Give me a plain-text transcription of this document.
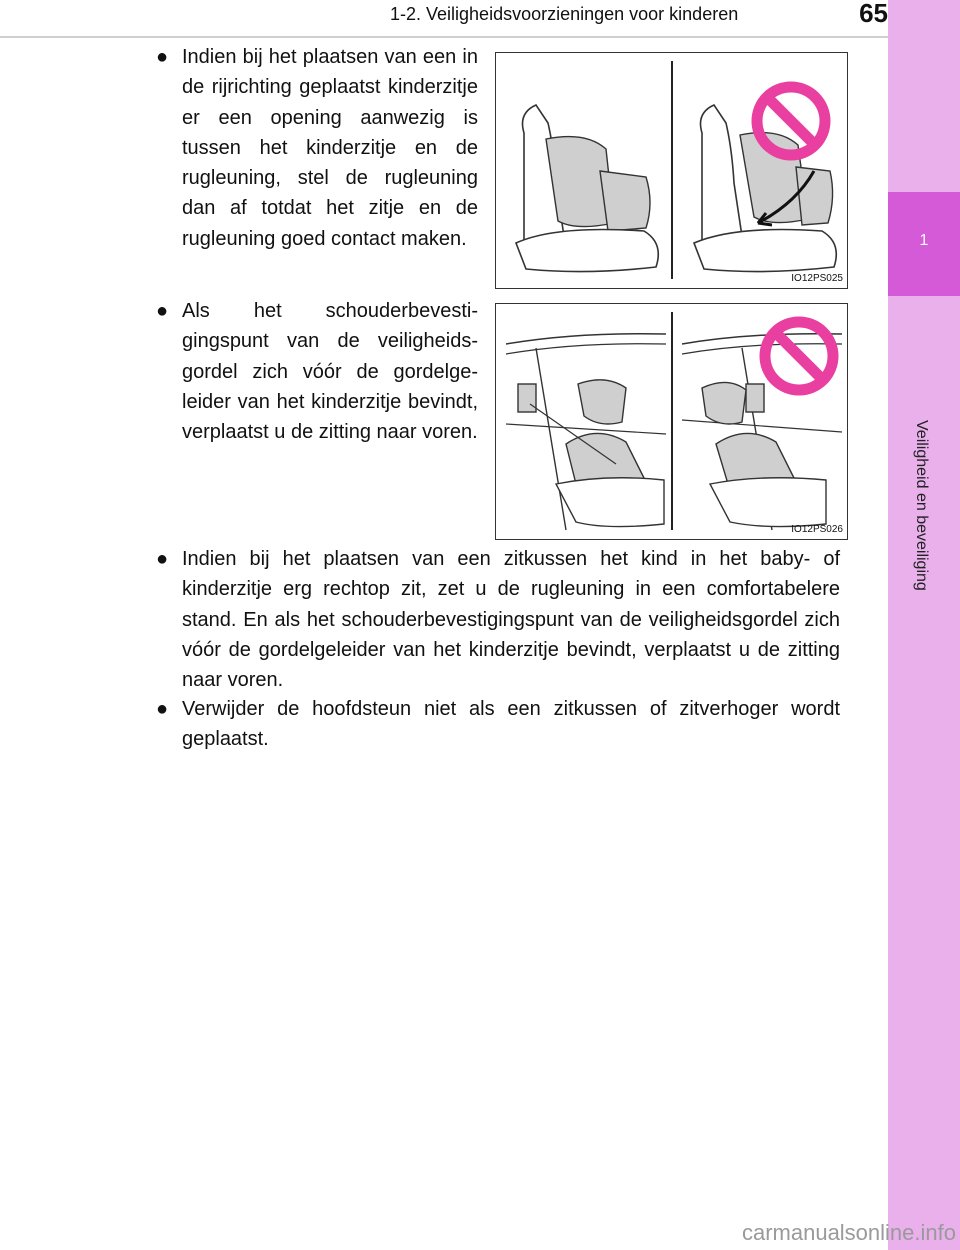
1-2. Veiligheidsvoorzieningen voor kinderen	65
1
Veiligheid en beveiliging
● Indien bij het plaatsen van een in de rijrichting geplaatst kinderzitje er een opening aanwezig is tussen het kinderzitje en de rugleuning, stel de rugleuning dan af totdat het zitje en de rugleuning goed contact maken.
IO12PS025
● Als het schouderbevestigingspunt van de veiligheidsgordel zich vóór de gordelgeleider van het kinderzitje bevindt, verplaatst u de zitting naar voren.
IO12PS026
● Indien bij het plaatsen van een zitkussen het kind in het baby- of kinderzitje erg rechtop zit, zet u de rugleuning in een comfortabelere stand. En als het schouderbevestigingspunt van de veiligheidsgordel zich vóór de gordelgeleider van het kinderzitje bevindt, verplaatst u de zitting naar voren.
● Verwijder de hoofdsteun niet als een zitkussen of zitverhoger wordt geplaatst.
carmanualsonline.info
